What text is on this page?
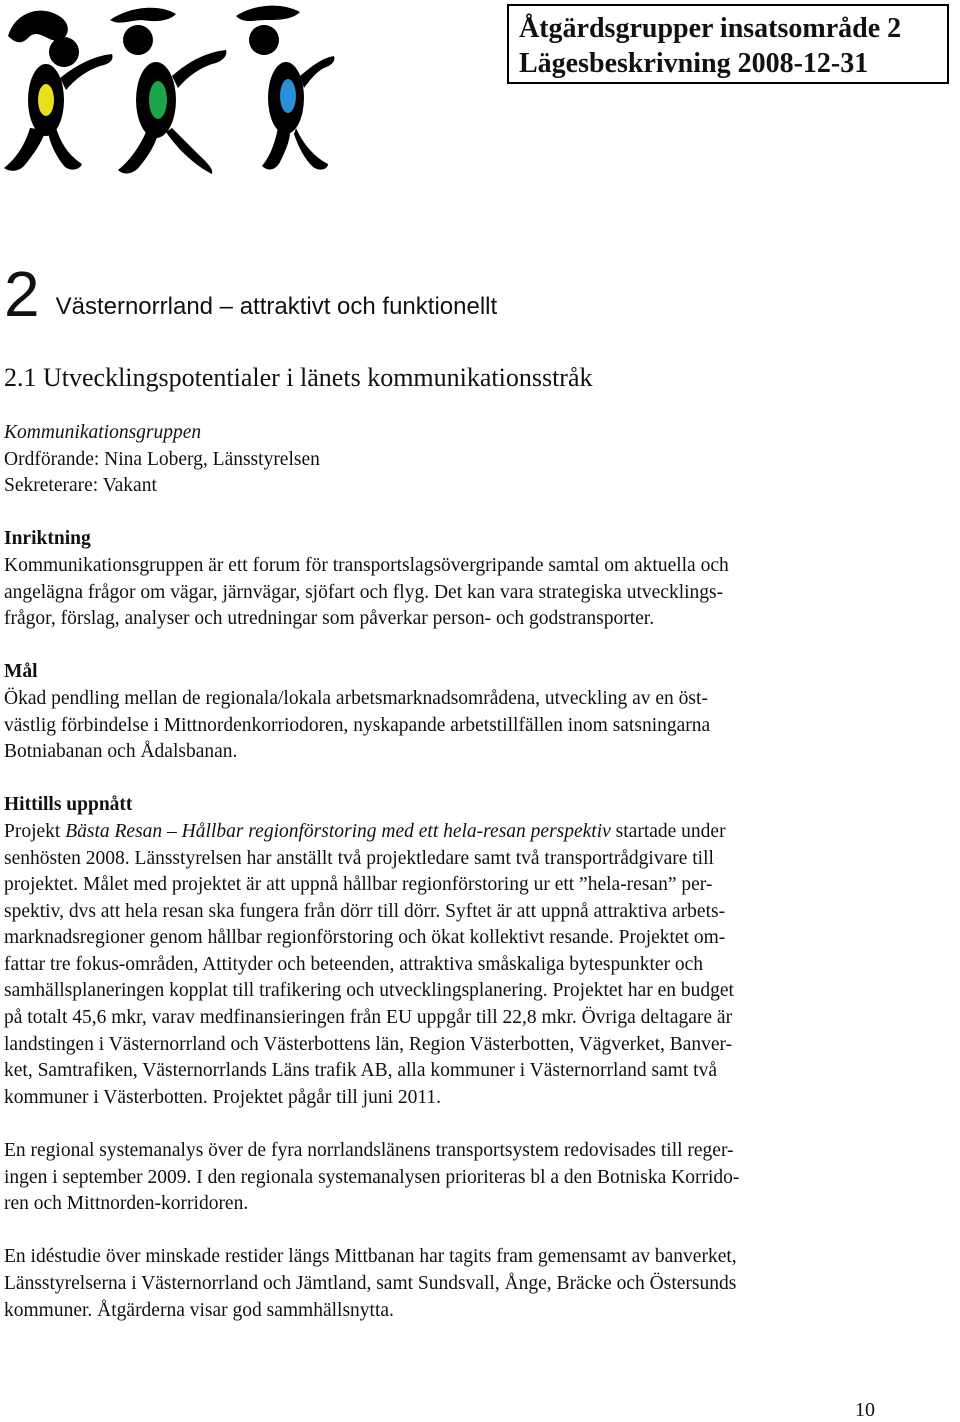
Åtgärdsgrupper insatsområde 2
Lägesbeskrivning 2008-12-31
2 Västernorrland – attraktivt och funktionellt
2.1 Utvecklingspotentialer i länets kommunikationsstråk

Kommunikationsgruppen

Ordförande: Nina Loberg, Länsstyrelsen

Sekreterare: Vakant

Inriktning

Kommunikationsgruppen är ett forum för transportslagsövergripande samtal om aktuella och

angelägna frågor om vägar, järnvägar, sjöfart och flyg. Det kan vara strategiska utvecklings-

frågor, förslag, analyser och utredningar som påverkar person- och godstransporter.

Mål

Ökad pendling mellan de regionala/lokala arbetsmarknadsområdena, utveckling av en öst-

västlig förbindelse i Mittnordenkorriodoren, nyskapande arbetstillfällen inom satsningarna

Botniabanan och Ådalsbanan.

Hittills uppnått

Projekt Bästa Resan – Hållbar regionförstoring med ett hela-resan perspektiv startade under

senhösten 2008. Länsstyrelsen har anställt två projektledare samt två transportrådgivare till

projektet. Målet med projektet är att uppnå hållbar regionförstoring ur ett ”hela-resan” per-

spektiv, dvs att hela resan ska fungera från dörr till dörr. Syftet är att uppnå attraktiva arbets-

marknadsregioner genom hållbar regionförstoring och ökat kollektivt resande. Projektet om-

fattar tre fokus-områden, Attityder och beteenden, attraktiva småskaliga bytespunkter och

samhällsplaneringen kopplat till trafikering och utvecklingsplanering. Projektet har en budget

på totalt 45,6 mkr, varav medfinansieringen från EU uppgår till 22,8 mkr. Övriga deltagare är

landstingen i Västernorrland och Västerbottens län, Region Västerbotten, Vägverket, Banver-

ket, Samtrafiken, Västernorrlands Läns trafik AB, alla kommuner i Västernorrland samt två

kommuner i Västerbotten. Projektet pågår till juni 2011.

En regional systemanalys över de fyra norrlandslänens transportsystem redovisades till reger-

ingen i september 2009. I den regionala systemanalysen prioriteras bl a den Botniska Korrido-

ren och Mittnorden-korridoren.

En idéstudie över minskade restider längs Mittbanan har tagits fram gemensamt av banverket,

Länsstyrelserna i Västernorrland och Jämtland, samt Sundsvall, Ånge, Bräcke och Östersunds

kommuner. Åtgärderna visar god sammhällsnytta.

10
